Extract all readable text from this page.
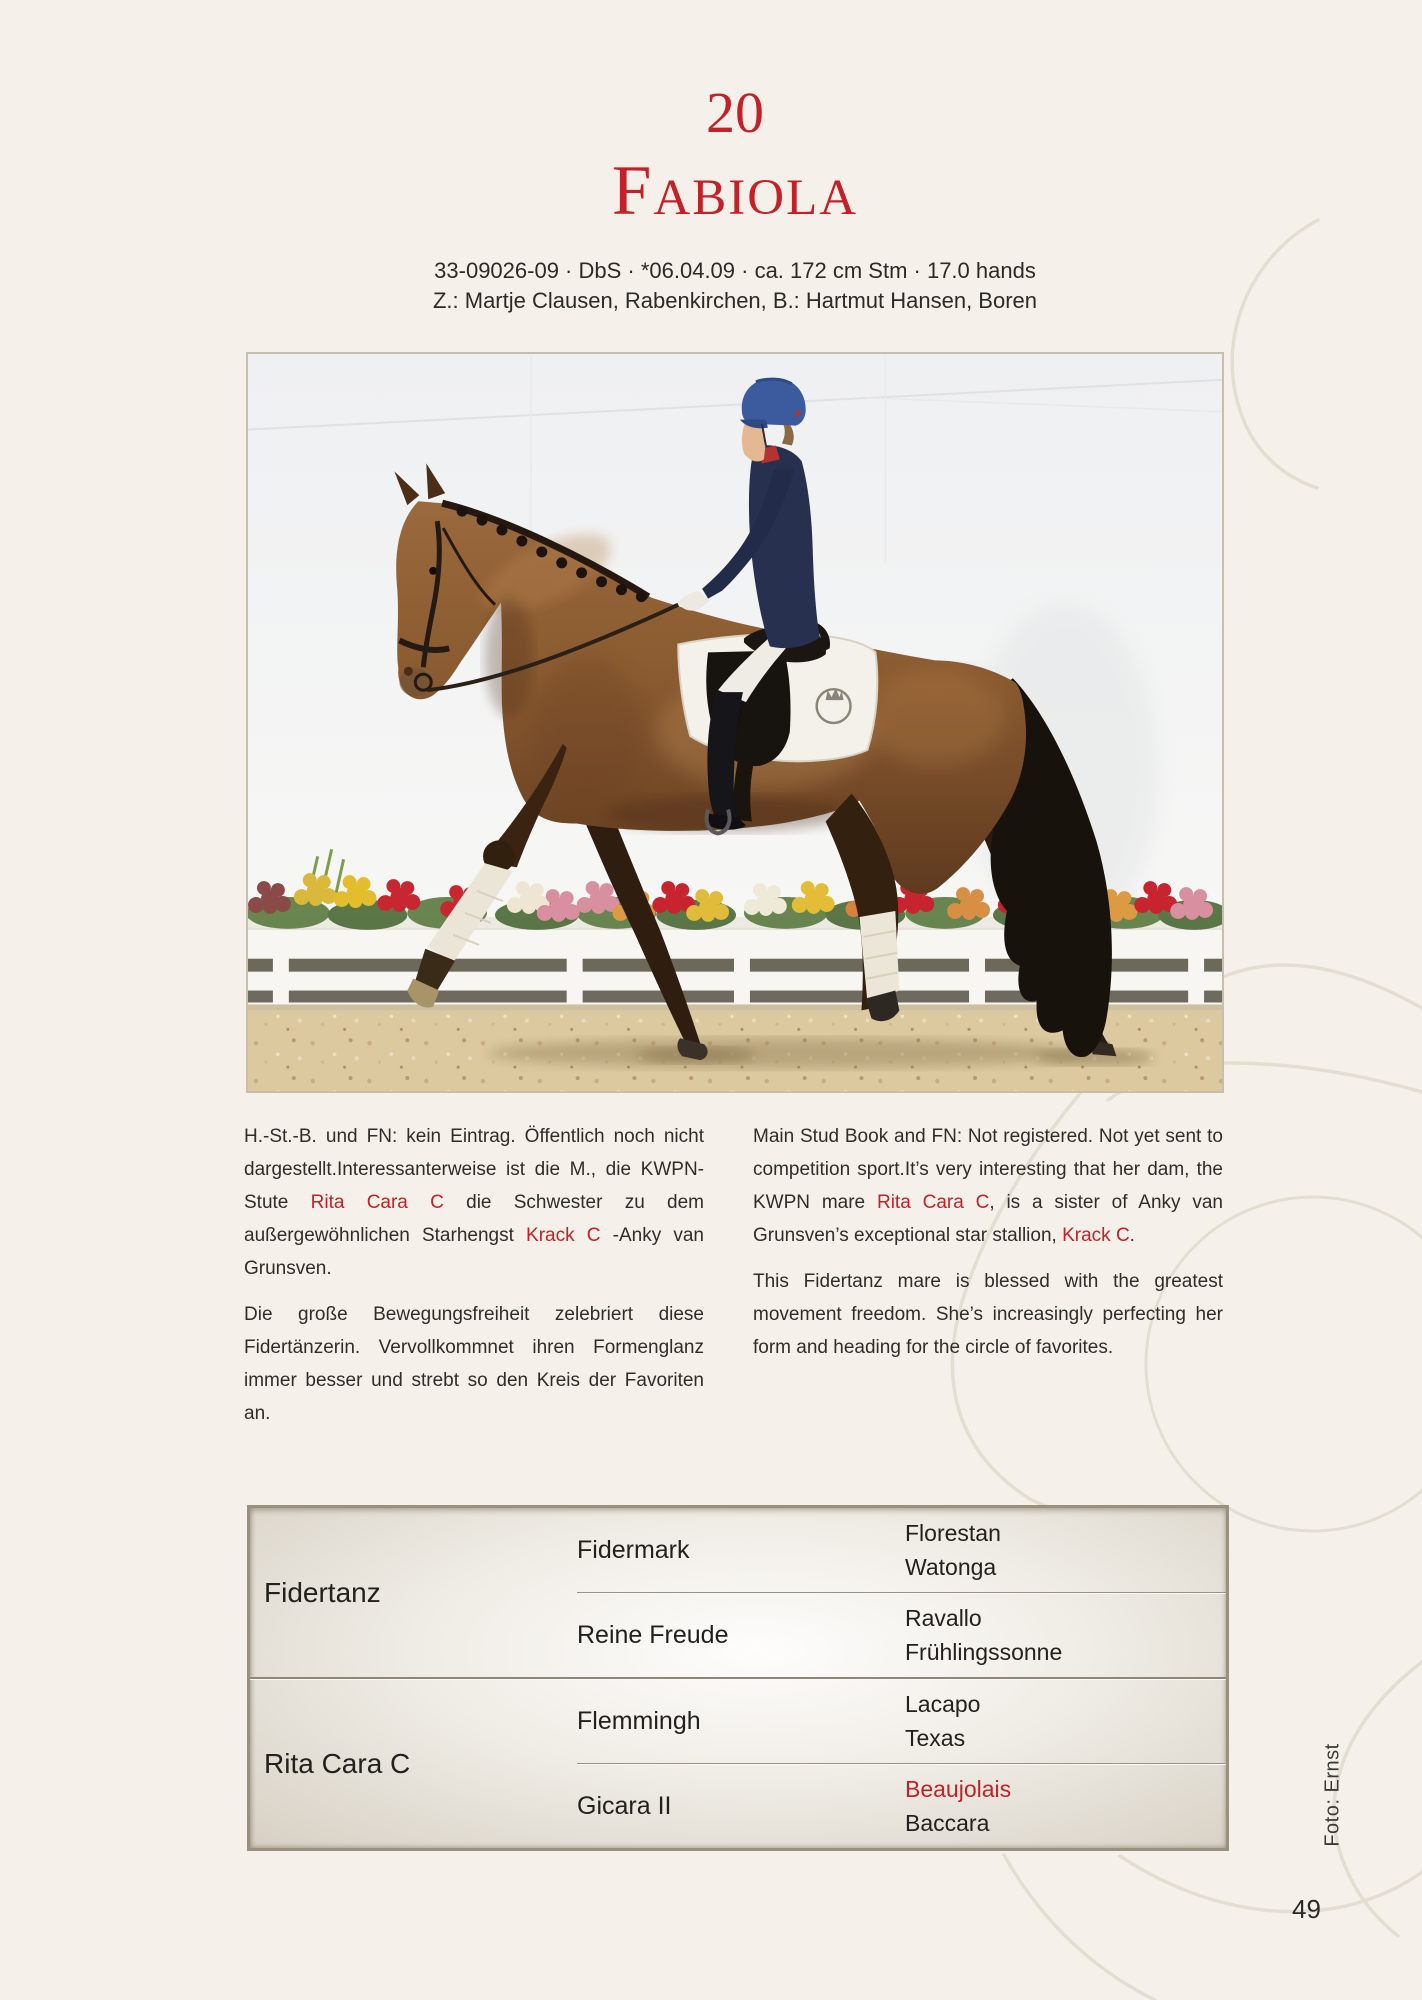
20
FABIOLA
33-09026-09 · DbS · *06.04.09 · ca. 172 cm Stm · 17.0 hands
Z.: Martje Clausen, Rabenkirchen, B.: Hartmut Hansen, Boren

H.-St.-B. und FN: kein Eintrag. Öffentlich noch nicht dargestellt.Interessanterweise ist die M., die KWPN-Stute Rita Cara C die Schwester zu dem außergewöhnlichen Starhengst Krack C -Anky van Grunsven.

Die große Bewegungsfreiheit zelebriert diese Fidertänzerin. Vervollkommnet ihren Formenglanz immer besser und strebt so den Kreis der Favoriten an.

Main Stud Book and FN: Not registered. Not yet sent to competition sport.It’s very interesting that her dam, the KWPN mare Rita Cara C, is a sister of Anky van Grunsven’s exceptional star stallion, Krack C.

This Fidertanz mare is blessed with the greatest movement freedom. She’s increasingly perfecting her form and heading for the circle of favorites.

Fidertanz
Fidermark
Florestan
Watonga
Reine Freude
Ravallo
Frühlingssonne
Rita Cara C
Flemmingh
Lacapo
Texas
Gicara II
Beaujolais
Baccara	Foto: Ernst
49
